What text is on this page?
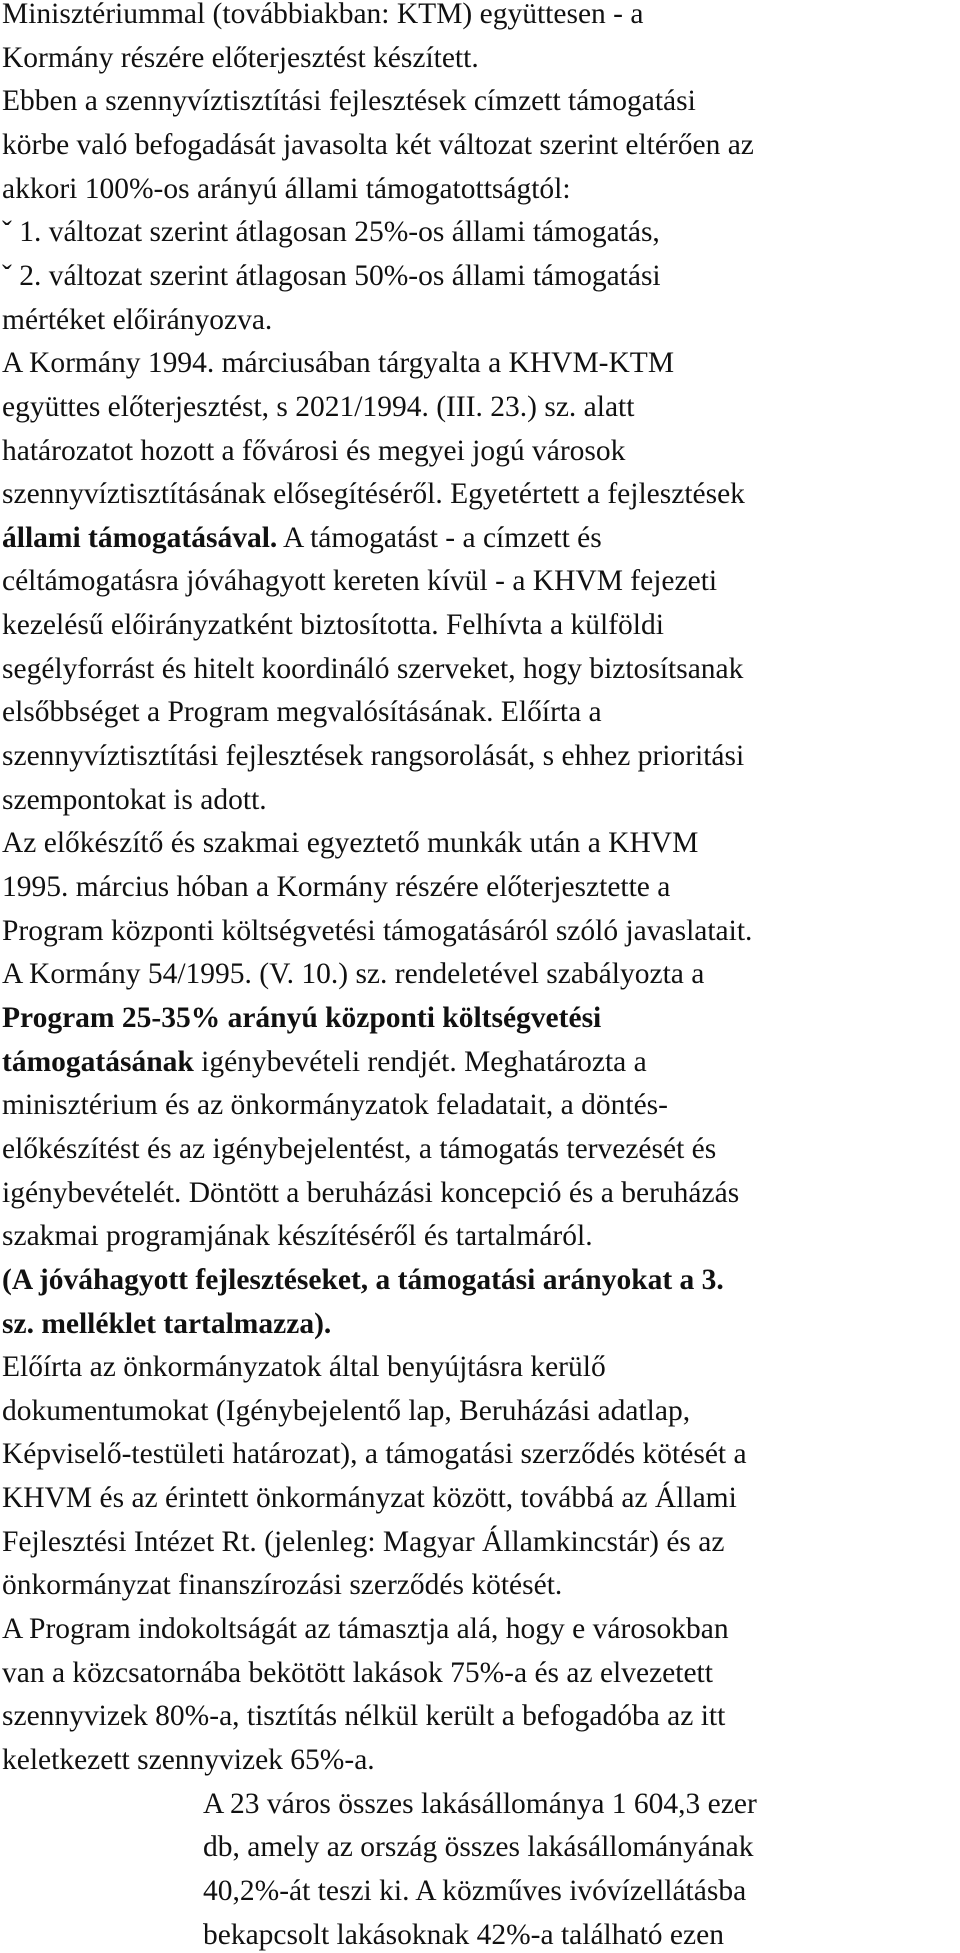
Minisztériummal (továbbiakban: KTM) együttesen - a
Kormány részére előterjesztést készített.
Ebben a szennyvíztisztítási fejlesztések címzett támogatási
körbe való befogadását javasolta két változat szerint eltérően az
akkori 100%-os arányú állami támogatottságtól:
ˇ 1. változat szerint átlagosan 25%-os állami támogatás,
ˇ 2. változat szerint átlagosan 50%-os állami támogatási
mértéket előirányozva.
A Kormány 1994. márciusában tárgyalta a KHVM-KTM
együttes előterjesztést, s 2021/1994. (III. 23.) sz. alatt
határozatot hozott a fővárosi és megyei jogú városok
szennyvíztisztításának elősegítéséről. Egyetértett a fejlesztések
állami támogatásával. A támogatást - a címzett és
céltámogatásra jóváhagyott kereten kívül - a KHVM fejezeti
kezelésű előirányzatként biztosította. Felhívta a külföldi
segélyforrást és hitelt koordináló szerveket, hogy biztosítsanak
elsőbbséget a Program megvalósításának. Előírta a
szennyvíztisztítási fejlesztések rangsorolását, s ehhez prioritási
szempontokat is adott.
Az előkészítő és szakmai egyeztető munkák után a KHVM
1995. március hóban a Kormány részére előterjesztette a
Program központi költségvetési támogatásáról szóló javaslatait.
A Kormány 54/1995. (V. 10.) sz. rendeletével szabályozta a
Program 25-35% arányú központi költségvetési
támogatásának igénybevételi rendjét. Meghatározta a
minisztérium és az önkormányzatok feladatait, a döntés-
előkészítést és az igénybejelentést, a támogatás tervezését és
igénybevételét. Döntött a beruházási koncepció és a beruházás
szakmai programjának készítéséről és tartalmáról.
(A jóváhagyott fejlesztéseket, a támogatási arányokat a 3.
sz. melléklet tartalmazza).
Előírta az önkormányzatok által benyújtásra kerülő
dokumentumokat (Igénybejelentő lap, Beruházási adatlap,
Képviselő-testületi határozat), a támogatási szerződés kötését a
KHVM és az érintett önkormányzat között, továbbá az Állami
Fejlesztési Intézet Rt. (jelenleg: Magyar Államkincstár) és az
önkormányzat finanszírozási szerződés kötését.
A Program indokoltságát az támasztja alá, hogy e városokban
van a közcsatornába bekötött lakások 75%-a és az elvezetett
szennyvizek 80%-a, tisztítás nélkül került a befogadóba az itt
keletkezett szennyvizek 65%-a.
A 23 város összes lakásállománya 1 604,3 ezer
db, amely az ország összes lakásállományának
40,2%-át teszi ki. A közműves ivóvízellátásba
bekapcsolt lakásoknak 42%-a található ezen
